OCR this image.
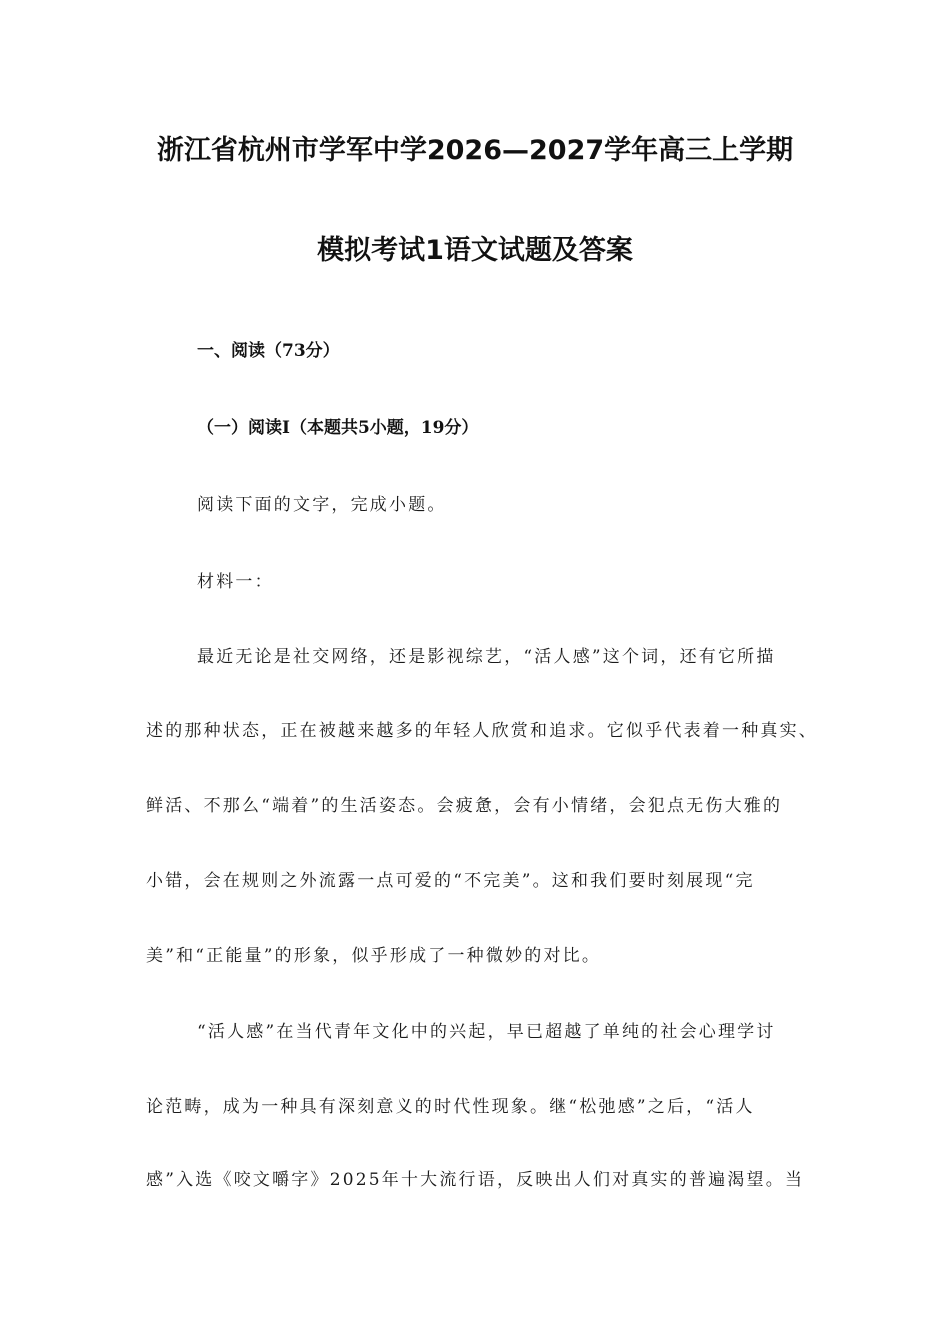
浙江省杭州市学军中学2026—2027学年高三上学期
模拟考试1语文试题及答案
一、阅读（73分）
（一）阅读Ⅰ（本题共5小题，19分）
阅读下面的文字，完成小题。
材料一：
最近无论是社交网络，还是影视综艺，“活人感”这个词，还有它所描
述的那种状态，正在被越来越多的年轻人欣赏和追求。它似乎代表着一种真实、
鲜活、不那么“端着”的生活姿态。会疲惫，会有小情绪，会犯点无伤大雅的
小错，会在规则之外流露一点可爱的“不完美”。这和我们要时刻展现“完
美”和“正能量”的形象，似乎形成了一种微妙的对比。
“活人感”在当代青年文化中的兴起，早已超越了单纯的社会心理学讨
论范畴，成为一种具有深刻意义的时代性现象。继“松弛感”之后，“活人
感”入选《咬文嚼字》2025年十大流行语，反映出人们对真实的普遍渴望。当
